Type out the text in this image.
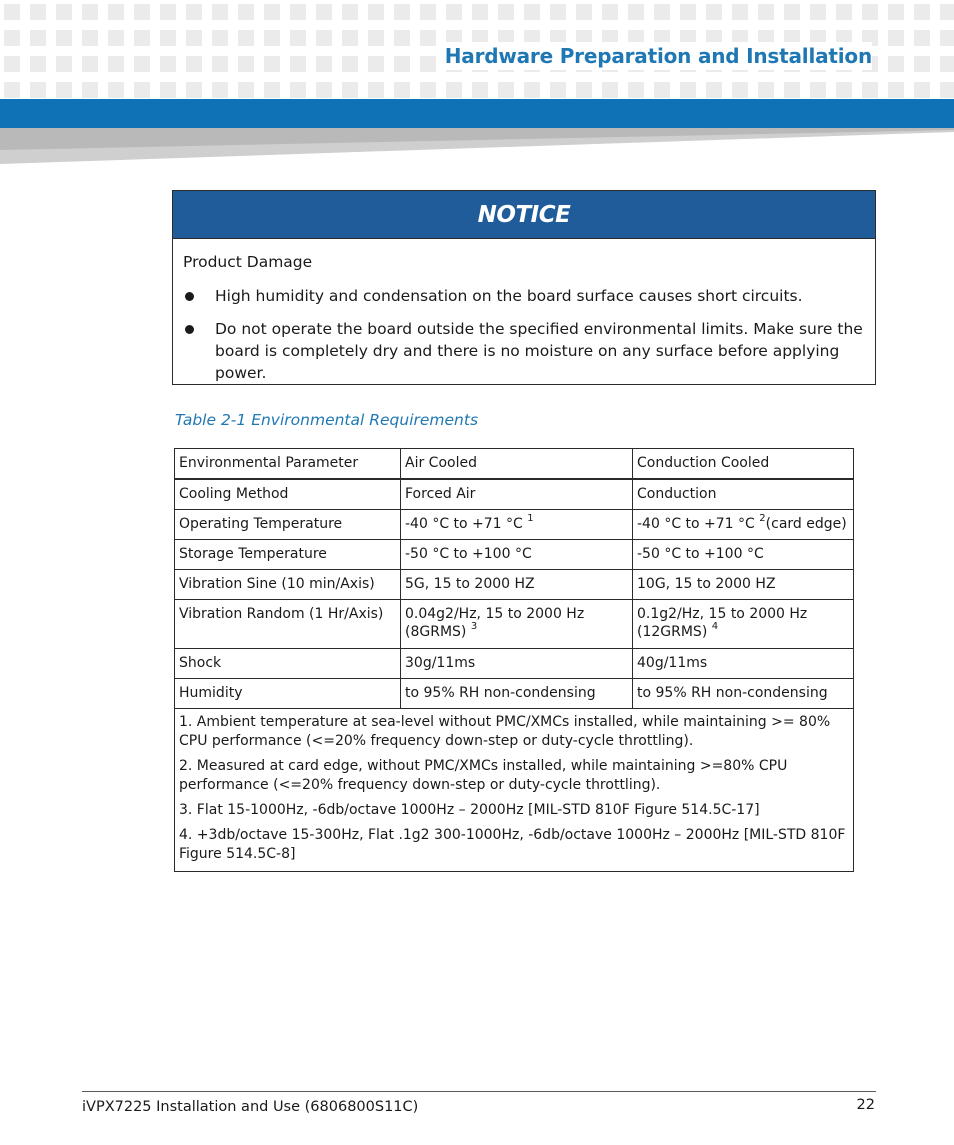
Hardware Preparation and Installation
NOTICE
Product Damage
High humidity and condensation on the board surface causes short circuits.
Do not operate the board outside the specified environmental limits. Make sure the board is completely dry and there is no moisture on any surface before applying power.
Table 2-1 Environmental Requirements
Environmental Parameter	Air Cooled	Conduction Cooled
Cooling Method	Forced Air	Conduction
Operating Temperature	-40 °C to +71 °C $^1$	-40 °C to +71 °C $^2$(card edge)
Storage Temperature	-50 °C to +100 °C	-50 °C to +100 °C
Vibration Sine (10 min/Axis)	5G, 15 to 2000 HZ	10G, 15 to 2000 HZ
Vibration Random (1 Hr/Axis)	0.04g2/Hz, 15 to 2000 Hz (8GRMS) $^3$	0.1g2/Hz, 15 to 2000 Hz (12GRMS) $^4$
Shock	30g/11ms	40g/11ms
Humidity	to 95% RH non-condensing	to 95% RH non-condensing

1. Ambient temperature at sea-level without PMC/XMCs installed, while maintaining >= 80% CPU performance (<=20% frequency down-step or duty-cycle throttling).
2. Measured at card edge, without PMC/XMCs installed, while maintaining >=80% CPU performance (<=20% frequency down-step or duty-cycle throttling).
3. Flat 15-1000Hz, -6db/octave 1000Hz – 2000Hz [MIL-STD 810F Figure 514.5C-17]
4. +3db/octave 15-300Hz, Flat .1g2 300-1000Hz, -6db/octave 1000Hz – 2000Hz [MIL-STD 810F Figure 514.5C-8]		
iVPX7225 Installation and Use (6806800S11C)	22
